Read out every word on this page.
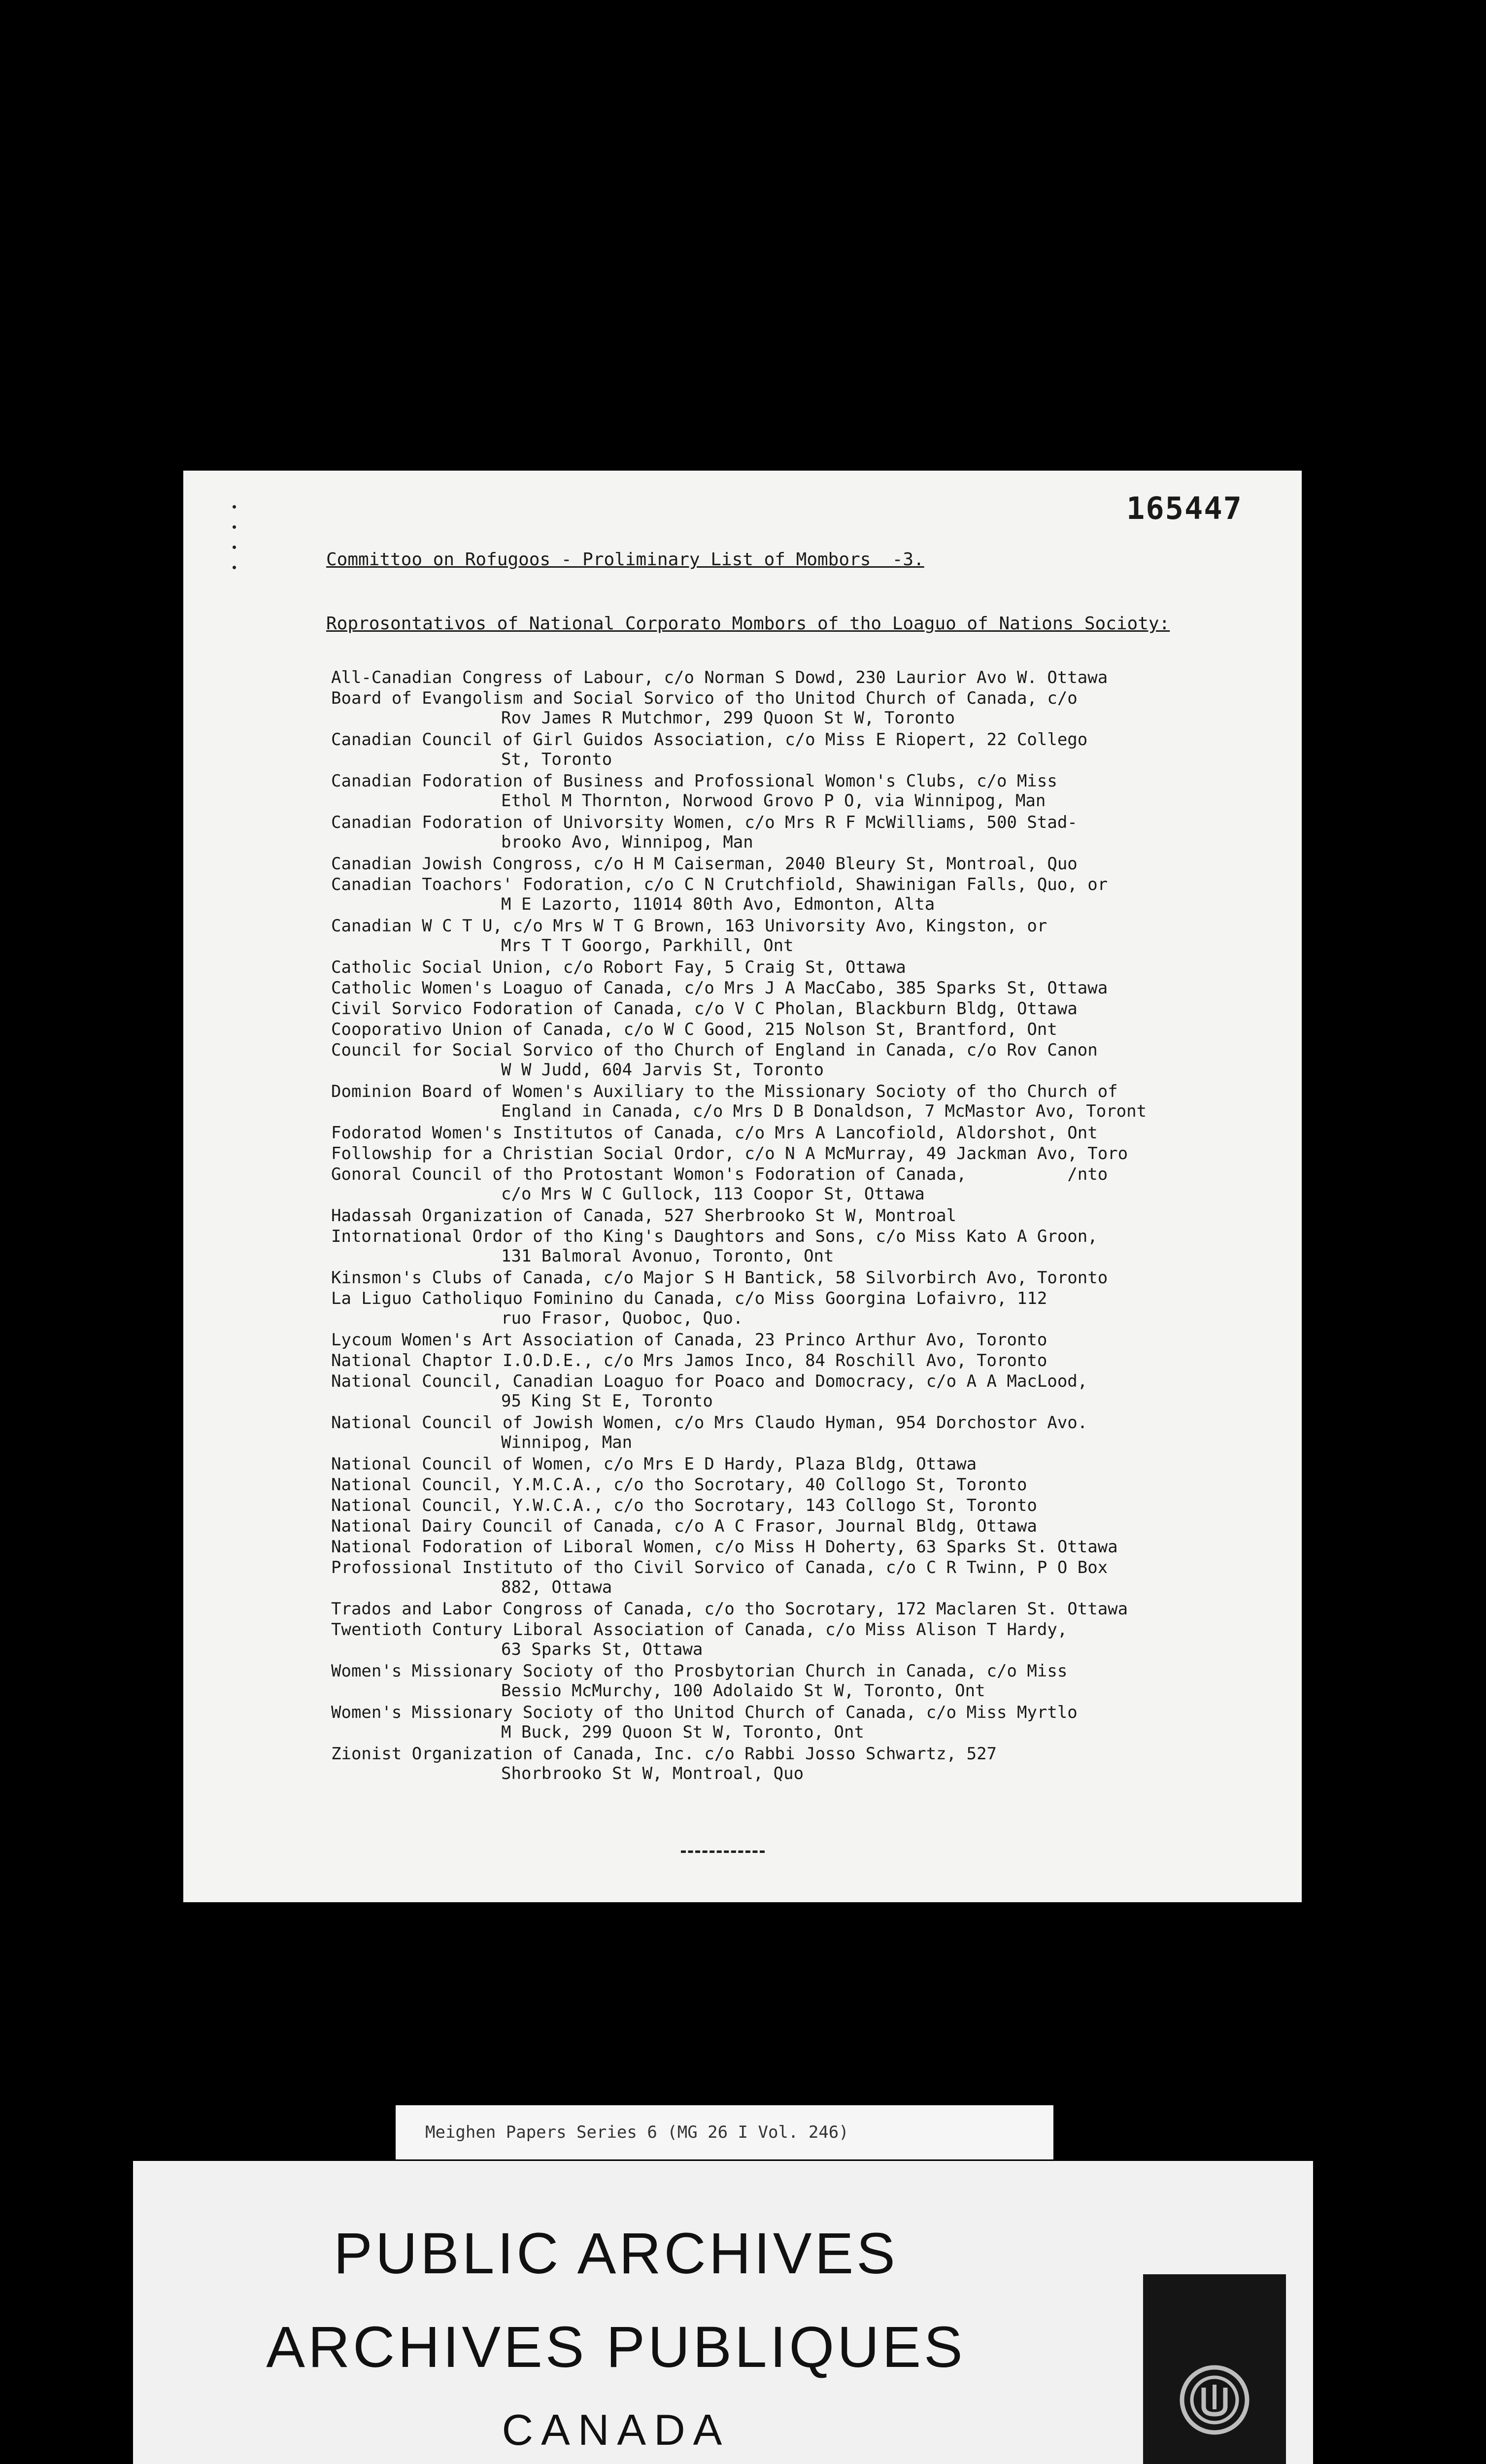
165447
Committoo on Rofugoos - Proliminary List of Mombors  -3.
Roprosontativos of National Corporato Mombors of tho Loaguo of Nations Socioty:
All-Canadian Congress of Labour, c/o Norman S Dowd, 230 Laurior Avo W. Ottawa
Board of Evangolism and Social Sorvico of tho Unitod Church of Canada, c/o
Rov James R Mutchmor, 299 Quoon St W, Toronto
Canadian Council of Girl Guidos Association, c/o Miss E Riopert, 22 Collego
St, Toronto
Canadian Fodoration of Business and Profossional Womon's Clubs, c/o Miss
Ethol M Thornton, Norwood Grovo P O, via Winnipog, Man
Canadian Fodoration of Univorsity Women, c/o Mrs R F McWilliams, 500 Stad-
brooko Avo, Winnipog, Man
Canadian Jowish Congross, c/o H M Caiserman, 2040 Bleury St, Montroal, Quo
Canadian Toachors' Fodoration, c/o C N Crutchfiold, Shawinigan Falls, Quo, or
M E Lazorto, 11014 80th Avo, Edmonton, Alta
Canadian W C T U, c/o Mrs W T G Brown, 163 Univorsity Avo, Kingston, or
Mrs T T Goorgo, Parkhill, Ont
Catholic Social Union, c/o Robort Fay, 5 Craig St, Ottawa
Catholic Women's Loaguo of Canada, c/o Mrs J A MacCabo, 385 Sparks St, Ottawa
Civil Sorvico Fodoration of Canada, c/o V C Pholan, Blackburn Bldg, Ottawa
Cooporativo Union of Canada, c/o W C Good, 215 Nolson St, Brantford, Ont
Council for Social Sorvico of tho Church of England in Canada, c/o Rov Canon
W W Judd, 604 Jarvis St, Toronto
Dominion Board of Women's Auxiliary to the Missionary Socioty of tho Church of
England in Canada, c/o Mrs D B Donaldson, 7 McMastor Avo, Toront
Fodoratod Women's Institutos of Canada, c/o Mrs A Lancofiold, Aldorshot, Ont
Followship for a Christian Social Ordor, c/o N A McMurray, 49 Jackman Avo, Toro
Gonoral Council of tho Protostant Womon's Fodoration of Canada,          /nto
c/o Mrs W C Gullock, 113 Coopor St, Ottawa
Hadassah Organization of Canada, 527 Sherbrooko St W, Montroal
Intornational Ordor of tho King's Daughtors and Sons, c/o Miss Kato A Groon,
131 Balmoral Avonuo, Toronto, Ont
Kinsmon's Clubs of Canada, c/o Major S H Bantick, 58 Silvorbirch Avo, Toronto
La Liguo Catholiquo Fominino du Canada, c/o Miss Goorgina Lofaivro, 112
ruo Frasor, Quoboc, Quo.
Lycoum Women's Art Association of Canada, 23 Princo Arthur Avo, Toronto
National Chaptor I.O.D.E., c/o Mrs Jamos Inco, 84 Roschill Avo, Toronto
National Council, Canadian Loaguo for Poaco and Domocracy, c/o A A MacLood,
95 King St E, Toronto
National Council of Jowish Women, c/o Mrs Claudo Hyman, 954 Dorchostor Avo.
Winnipog, Man
National Council of Women, c/o Mrs E D Hardy, Plaza Bldg, Ottawa
National Council, Y.M.C.A., c/o tho Socrotary, 40 Collogo St, Toronto
National Council, Y.W.C.A., c/o tho Socrotary, 143 Collogo St, Toronto
National Dairy Council of Canada, c/o A C Frasor, Journal Bldg, Ottawa
National Fodoration of Liboral Women, c/o Miss H Doherty, 63 Sparks St. Ottawa
Profossional Instituto of tho Civil Sorvico of Canada, c/o C R Twinn, P O Box
882, Ottawa
Trados and Labor Congross of Canada, c/o tho Socrotary, 172 Maclaren St. Ottawa
Twentioth Contury Liboral Association of Canada, c/o Miss Alison T Hardy,
63 Sparks St, Ottawa
Women's Missionary Socioty of tho Prosbytorian Church in Canada, c/o Miss
Bessio McMurchy, 100 Adolaido St W, Toronto, Ont
Women's Missionary Socioty of tho Unitod Church of Canada, c/o Miss Myrtlo
M Buck, 299 Quoon St W, Toronto, Ont
Zionist Organization of Canada, Inc. c/o Rabbi Josso Schwartz, 527
Shorbrooko St W, Montroal, Quo
Meighen Papers Series 6 (MG 26 I Vol. 246)
PUBLIC ARCHIVES
ARCHIVES PUBLIQUES
CANADA
